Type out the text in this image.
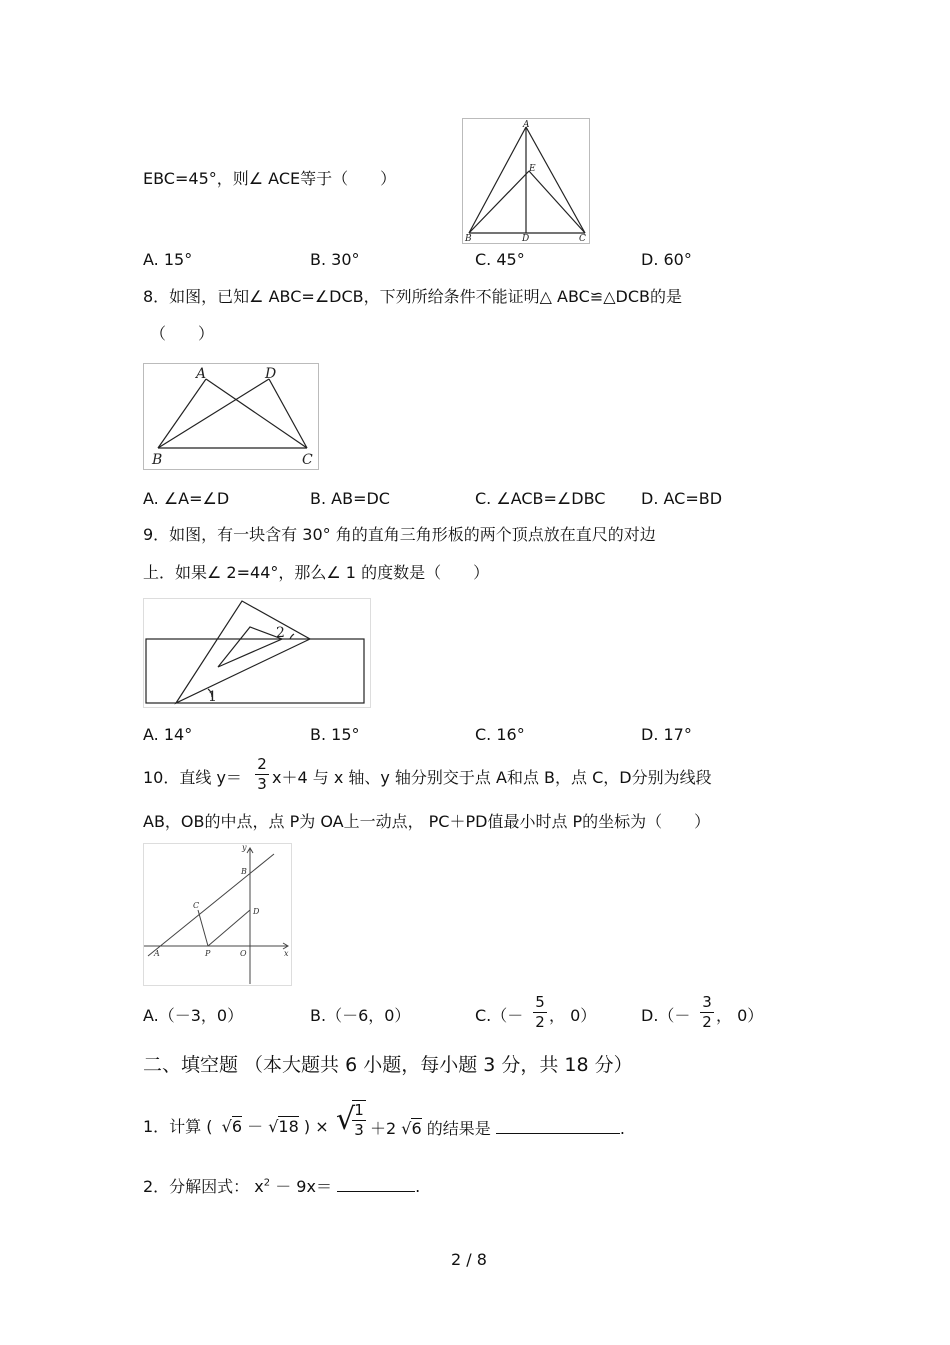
EBC=45°，则∠ ACE等于（　　）
A
E
B	D	C
A. 15°	B. 30°	C. 45°	D. 60°
8．如图，已知∠ ABC=∠DCB，下列所给条件不能证明△ ABC≌△DCB的是
（　　）
A	D
B	C
A. ∠A=∠D	B. AB=DC	C. ∠ACB=∠DBC D. AC=BD
9．如图，有一块含有 30° 角的直角三角形板的两个顶点放在直尺的对边
上．如果∠ 2=44°，那么∠ 1 的度数是（　　）
1
2
A. 14°	B. 15°	C. 16°	D. 17°
10．直线 y＝
2
3 x＋4 与 x 轴、y 轴分别交于点 A和点 B，点 C，D分别为线段
AB，OB的中点，点 P为 OA上一动点， PC＋PD值最小时点 P的坐标为（　　）
y
x
B
D
C
A	P	O
A.（－3，0）	B.（－6，0）	C.（－
5
2 ， 0）	D.（－
3
2 ， 0）
二、填空题 （本大题共 6 小题，每小题 3 分，共 18 分）
1．计算 ( √6 － √18 ) × √ 1
3 ＋2 √6 的结果是	.
2．分解因式： $x^2 - 9x=$	.
2 / 8
